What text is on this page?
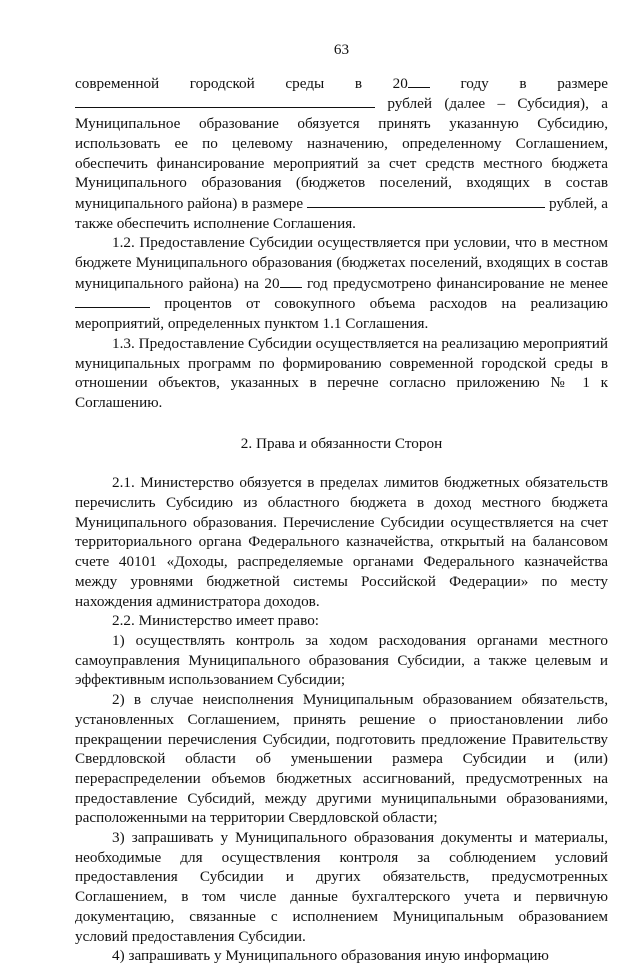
63

современной городской среды в 20 году в размере  рублей (далее – Субсидия), а Муниципальное образование обязуется принять указанную Субсидию, использовать ее по целевому назначению, определенному Соглашением, обеспечить финансирование мероприятий за счет средств местного бюджета Муниципального образования (бюджетов поселений, входящих в состав муниципального района) в размере	рублей, а также обеспечить исполнение Соглашения.

1.2. Предоставление Субсидии осуществляется при условии, что в местном бюджете Муниципального образования (бюджетах поселений, входящих в состав муниципального района) на 20 год предусмотрено финансирование не менее  процентов от совокупного объема расходов на реализацию мероприятий, определенных пунктом 1.1 Соглашения.

1.3. Предоставление Субсидии осуществляется на реализацию мероприятий муниципальных программ по формированию современной городской среды в отношении объектов, указанных в перечне согласно приложению № 1 к Соглашению.

2. Права и обязанности Сторон

2.1. Министерство обязуется в пределах лимитов бюджетных обязательств перечислить Субсидию из областного бюджета в доход местного бюджета Муниципального образования. Перечисление Субсидии осуществляется на счет территориального органа Федерального казначейства, открытый на балансовом счете 40101 «Доходы, распределяемые органами Федерального казначейства между уровнями бюджетной системы Российской Федерации» по месту нахождения администратора доходов.

2.2. Министерство имеет право:

1) осуществлять контроль за ходом расходования органами местного самоуправления Муниципального образования Субсидии, а также целевым и эффективным использованием Субсидии;

2) в случае неисполнения Муниципальным образованием обязательств, установленных Соглашением, принять решение о приостановлении либо прекращении перечисления Субсидии, подготовить предложение Правительству Свердловской области об уменьшении размера Субсидии и (или) перераспределении объемов бюджетных ассигнований, предусмотренных на предоставление Субсидий, между другими муниципальными образованиями, расположенными на территории Свердловской области;

3) запрашивать у Муниципального образования документы и материалы, необходимые для осуществления контроля за соблюдением условий предоставления Субсидии и других обязательств, предусмотренных Соглашением, в том числе данные бухгалтерского учета и первичную документацию, связанные с исполнением Муниципальным образованием условий предоставления Субсидии.

4) запрашивать у Муниципального образования иную информацию
